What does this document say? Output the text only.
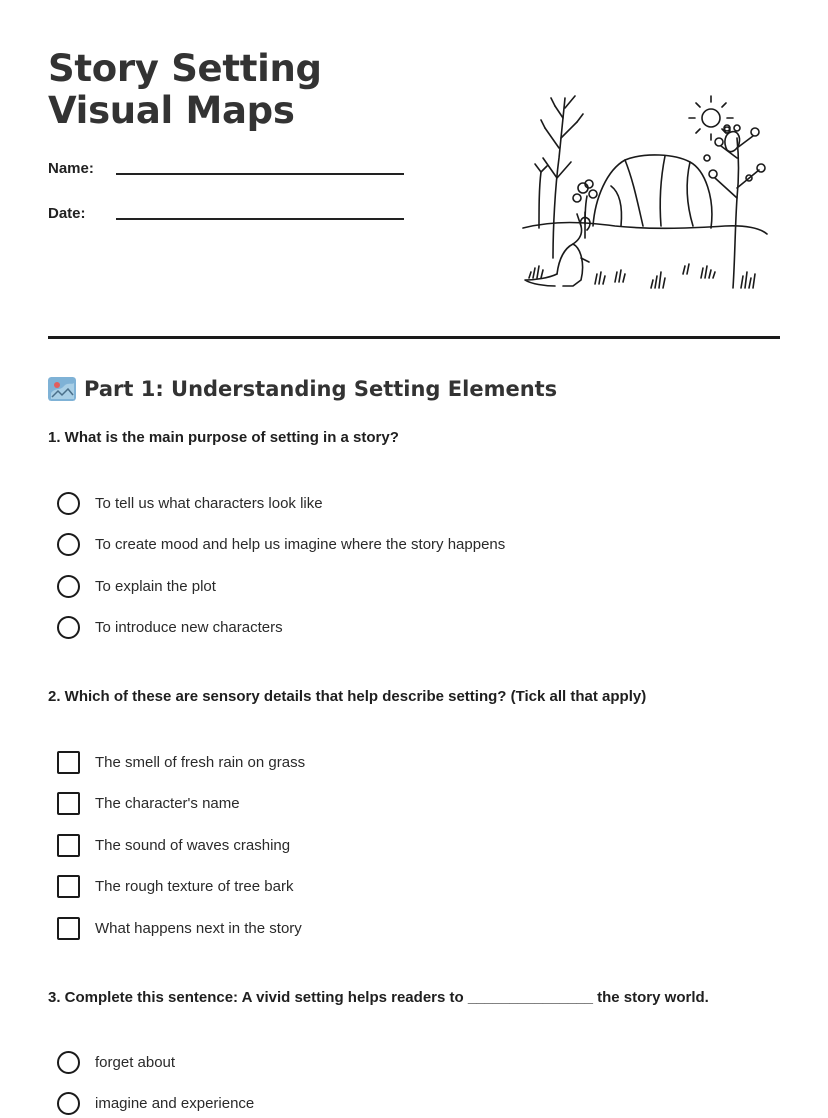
Story Setting Visual Maps
Name:
Date:
Part 1: Understanding Setting Elements
1. What is the main purpose of setting in a story?
To tell us what characters look like
To create mood and help us imagine where the story happens
To explain the plot
To introduce new characters
2. Which of these are sensory details that help describe setting? (Tick all that apply)
The smell of fresh rain on grass
The character's name
The sound of waves crashing
The rough texture of tree bark
What happens next in the story
3. Complete this sentence: A vivid setting helps readers to _______________ the story world.
forget about
imagine and experience
